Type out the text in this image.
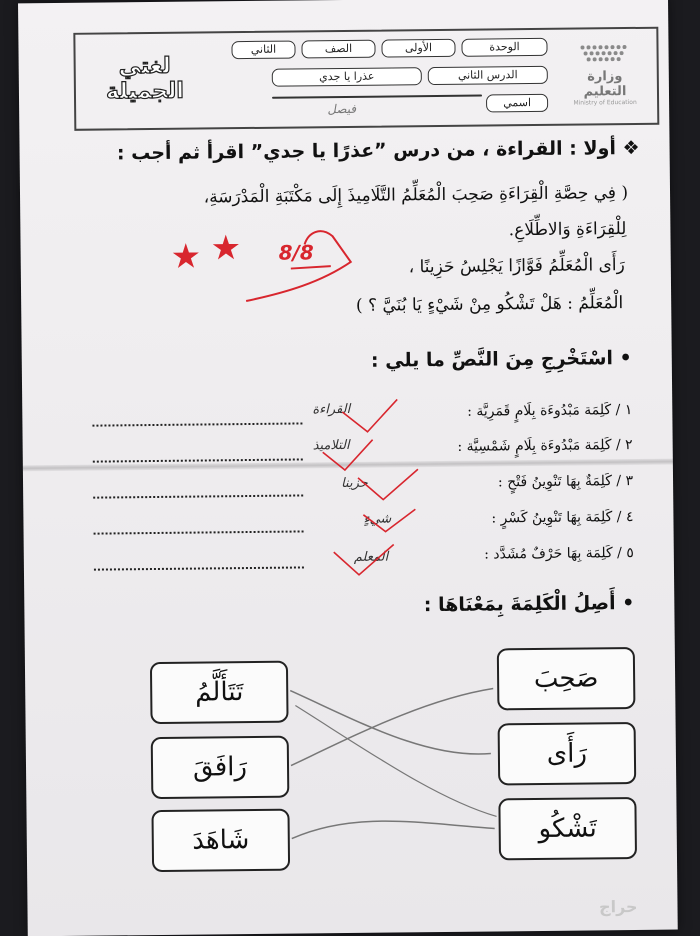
لغتي الجميلة
الثاني	الصف	الأولى	الوحدة
عذرا يا جدي	الدرس الثاني
فيصل	اسمي
وزارة التعليم
Ministry of Education
❖ أولا : القراءة ، من درس ”عذرًا يا جدي” اقرأ ثم أجب :
( فِي حِصَّةِ الْقِرَاءَةِ صَحِبَ الْمُعَلِّمُ التَّلَامِيذَ إِلَى مَكْتَبَةِ الْمَدْرَسَةِ،
لِلْقِرَاءَةِ وَالاطِّلَاعِ.
رَأَى الْمُعَلِّمُ فَوَّازًا يَجْلِسُ حَزِينًا ،
الْمُعَلِّمُ : هَلْ تَشْكُو مِنْ شَيْءٍ يَا بُنَيَّ ؟ )
★ ★ 8/8
• اسْتَخْرِجِ مِنَ النَّصِّ ما يلي :
١ / كَلِمَة مَبْدُوءَة بِلَامٍ قَمَرِيَّة :
القراءة
٢ / كَلِمَة مَبْدُوءَة بِلَامٍ شَمْسِيَّة :
التلاميذ
٣ / كَلِمَةٌ بِهَا تَنْوِينُ فَتْحٍ :
حزينا
٤ / كَلِمَة بِهَا تَنْوِينُ كَسْرٍ :
شيءٍ
٥ / كَلِمَة بِهَا حَرْفٌ مُشَدَّد :
المعلم
• أَصِلُ الْكَلِمَةَ بِمَعْنَاهَا :
صَحِبَ
رَأَى
تَشْكُو
تَتَأَلَّمُ
رَافَقَ
شَاهَدَ
حراج
